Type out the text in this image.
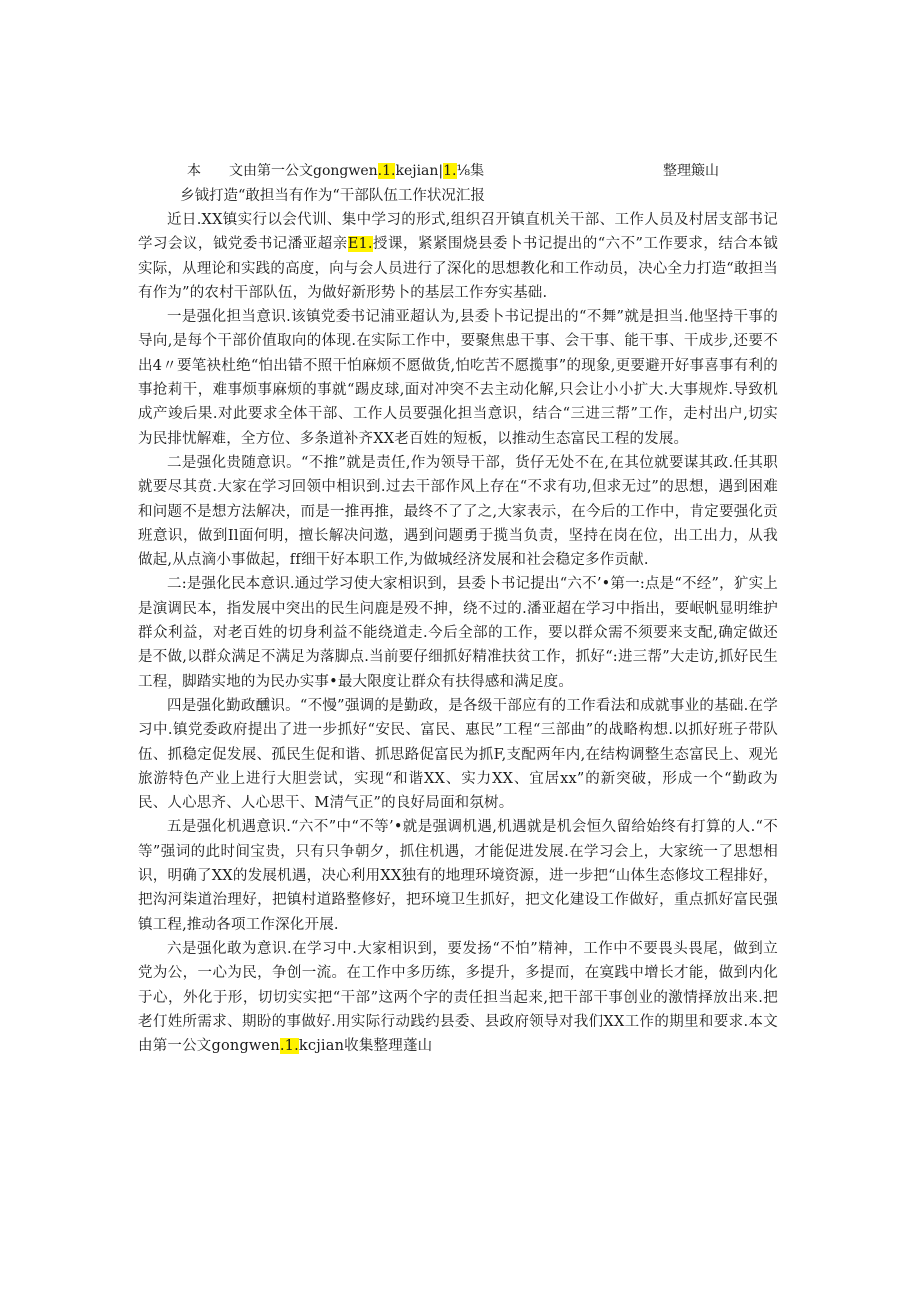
本 文由第一公文gongwen.1.kejian|1.⅛集	整理簸山
乡钺打造“敢担当有作为“干部队伍工作状况汇报

近日.XX镇实行以会代训、集中学习的形式,组织召开镇直机关干部、工作人员及村居支部书记学习会议，钺党委书记潘亚超亲E1.授课，紧紧围烧县委卜书记提出的“六不”工作要求，结合本钺实际，从理论和实践的高度，向与会人员进行了深化的思想教化和工作动员，决心全力打造“敢担当有作为”的农村干部队伍，为做好新形势卜的基层工作夯实基础.

一是强化担当意识.该镇党委书记浦亚超认为,县委卜书记提出的“不舞”就是担当.他坚持干事的导向,是每个干部价值取向的体现.在实际工作中，要聚焦患干事、会干事、能干事、干成步,还要不出4〃要笔袂杜绝“怕出错不照干怕麻烦不愿做货,怕吃苦不愿揽事”的现象,更要避开好事喜事有利的事抢莉干，难事烦事麻烦的事就“踢皮球,面对冲突不去主动化解,只会让小小扩大.大事规炸.导致机成产竣后果.对此要求全体干部、工作人员要强化担当意识，结合“三进三帮”工作，走村出户,切实为民排忧解难，全方位、多条道补齐XX老百姓的短板，以推动生态富民工程的发展。

二是强化贵随意识。“不推”就是责任,作为领导干部，货仔无处不在,在其位就要谋其政.任其职就要尽其贲.大家在学习回领中相识到.过去干部作风上存在“不求有功,但求无过”的思想，遇到困难和问题不是想方法解决，而是一推再推，最终不了了之,大家表示，在今后的工作中，肯定要强化贡班意识，做到Il面何明，擅长解决问遨，遇到问题勇于揽当负责，坚持在岗在位，出工出力，从我做起,从点滴小事做起，ff细干好本职工作,为做城经济发展和社会稳定多作贡献.

二:是强化民本意识.通过学习使大家相识到，县委卜书记提出“六不’•第一:点是“不经”，犷实上是演调民本，指发展中突出的民生问鹿是殁不抻，绕不过的.潘亚超在学习中指出，要岷帆显明维护群众利益，对老百姓的切身利益不能绕道走.今后全部的工作，要以群众需不须要来支配,确定做还是不做,以群众满足不满足为落脚点.当前要仔细抓好精准扶贫工作，抓好“:进三帮”大走访,抓好民生工程，脚踏实地的为民办实事•最大限度让群众有扶得感和满足度。

四是强化勤政醺识。“不慢”强调的是勤政，是各级干部应有的工作看法和成就事业的基础.在学习中.镇党委政府提出了进一步抓好“安民、富民、惠民”工程“三部曲”的战略构想.以抓好班子带队伍、抓稳定促发展、孤民生促和谐、抓思路促富民为抓F,支配两年内,在结构调整生态富民上、观光旅游特色产业上进行大胆尝试，实现“和谐XX、实力XX、宜居xx”的新突破，形成一个“勤政为民、人心思齐、人心思干、M清气正”的良好局面和氛树。

五是强化机遇意识.“六不”中“不等’•就是强调机遇,机遇就是机会恒久留给始终有打算的人.“不等”强词的此时间宝贵，只有只争朝夕，抓住机遇，才能促进发展.在学习会上，大家统一了思想相识，明确了XX的发展机遇，决心利用XX独有的地理环境资源，进一步把“山体生态修坟工程排好，把沟河柒道治理好，把镇村道路整修好，把环境卫生抓好，把文化建设工作做好，重点抓好富民强镇工程,推动各项工作深化开展.

六是强化敢为意识.在学习中.大家相识到，要发扬“不怕”精神，工作中不要畏头畏尾，做到立党为公，一心为民，争创一流。在工作中多历练，多提升，多提而，在寞践中增长才能，做到内化于心，外化于形，切切实实把“干部”这两个字的责任担当起来,把干部干事创业的激情择放出来.把老仃姓所需求、期盼的事做好.用实际行动践约县委、县政府领导对我们XX工作的期里和要求.本文由第一公文gongwen.1.kcjian收集整理蓬山
